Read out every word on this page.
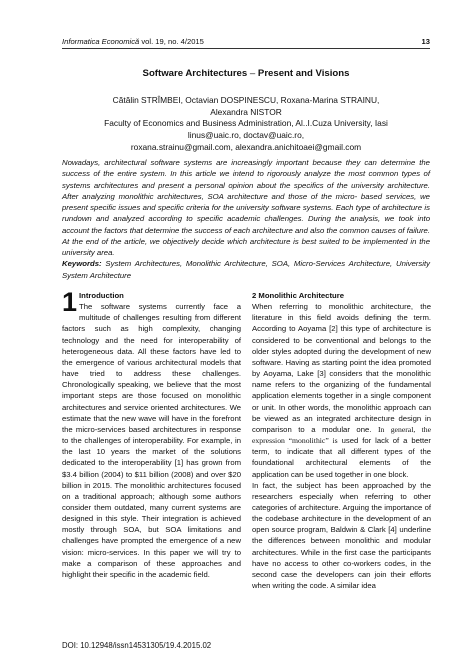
Informatica Economică vol. 19, no. 4/2015	13
Software Architectures – Present and Visions
Cătălin STRÎMBEI, Octavian DOSPINESCU, Roxana-Marina STRAINU,
Alexandra NISTOR
Faculty of Economics and Business Administration, Al..I.Cuza University, Iasi
linus@uaic.ro, doctav@uaic.ro,
roxana.strainu@gmail.com, alexandra.anichitoaei@gmail.com
Nowadays, architectural software systems are increasingly important because they can determine the success of the entire system. In this article we intend to rigorously analyze the most common types of systems architectures and present a personal opinion about the specifics of the university architecture. After analyzing monolithic architectures, SOA architecture and those of the micro- based services, we present specific issues and specific criteria for the university software systems. Each type of architecture is rundown and analyzed according to specific academic challenges. During the analysis, we took into account the factors that determine the success of each architecture and also the common causes of failure. At the end of the article, we objectively decide which architecture is best suited to be implemented in the university area.
Keywords: System Architectures, Monolithic Architecture, SOA, Micro-Services Architecture, University System Architecture
1 Introduction
The software systems currently face a multitude of challenges resulting from different factors such as high complexity, changing technology and the need for interoperability of heterogeneous data. All these factors have led to the emergence of various architectural models that have tried to address these challenges. Chronologically speaking, we believe that the most important steps are those focused on monolithic architectures and service oriented architectures. We estimate that the new wave will have in the forefront the micro-services based architectures in response to the challenges of interoperability. For example, in the last 10 years the market of the solutions dedicated to the interoperability [1] has grown from $3.4 billion (2004) to $11 billion (2008) and over $20 billion in 2015. The monolithic architectures focused on a traditional approach; although some authors consider them outdated, many current systems are designed in this style. Their integration is achieved mostly through SOA, but SOA limitations and challenges have prompted the emergence of a new vision: micro-services. In this paper we will try to make a comparison of these approaches and highlight their specific in the academic field.
2 Monolithic Architecture

When referring to monolithic architecture, the literature in this field avoids defining the term. According to Aoyama [2] this type of architecture is considered to be conventional and belongs to the older styles adopted during the development of new software. Having as starting point the idea promoted by Aoyama, Lake [3] considers that the monolithic name refers to the organizing of the fundamental application elements together in a single component or unit. In other words, the monolithic approach can be viewed as an integrated architecture design in comparison to a modular one. In general, the expression “monolithic” is used for lack of a better term, to indicate that all different types of the foundational architectural elements of the application can be used together in one block.

In fact, the subject has been approached by the researchers especially when referring to other categories of architecture. Arguing the importance of the codebase architecture in the development of an open source program, Baldwin & Clark [4] underline the differences between monolithic and modular architectures. While in the first case the participants have no access to other co-workers codes, in the second case the developers can join their efforts when writing the code. A similar idea

DOI: 10.12948/issn14531305/19.4.2015.02
